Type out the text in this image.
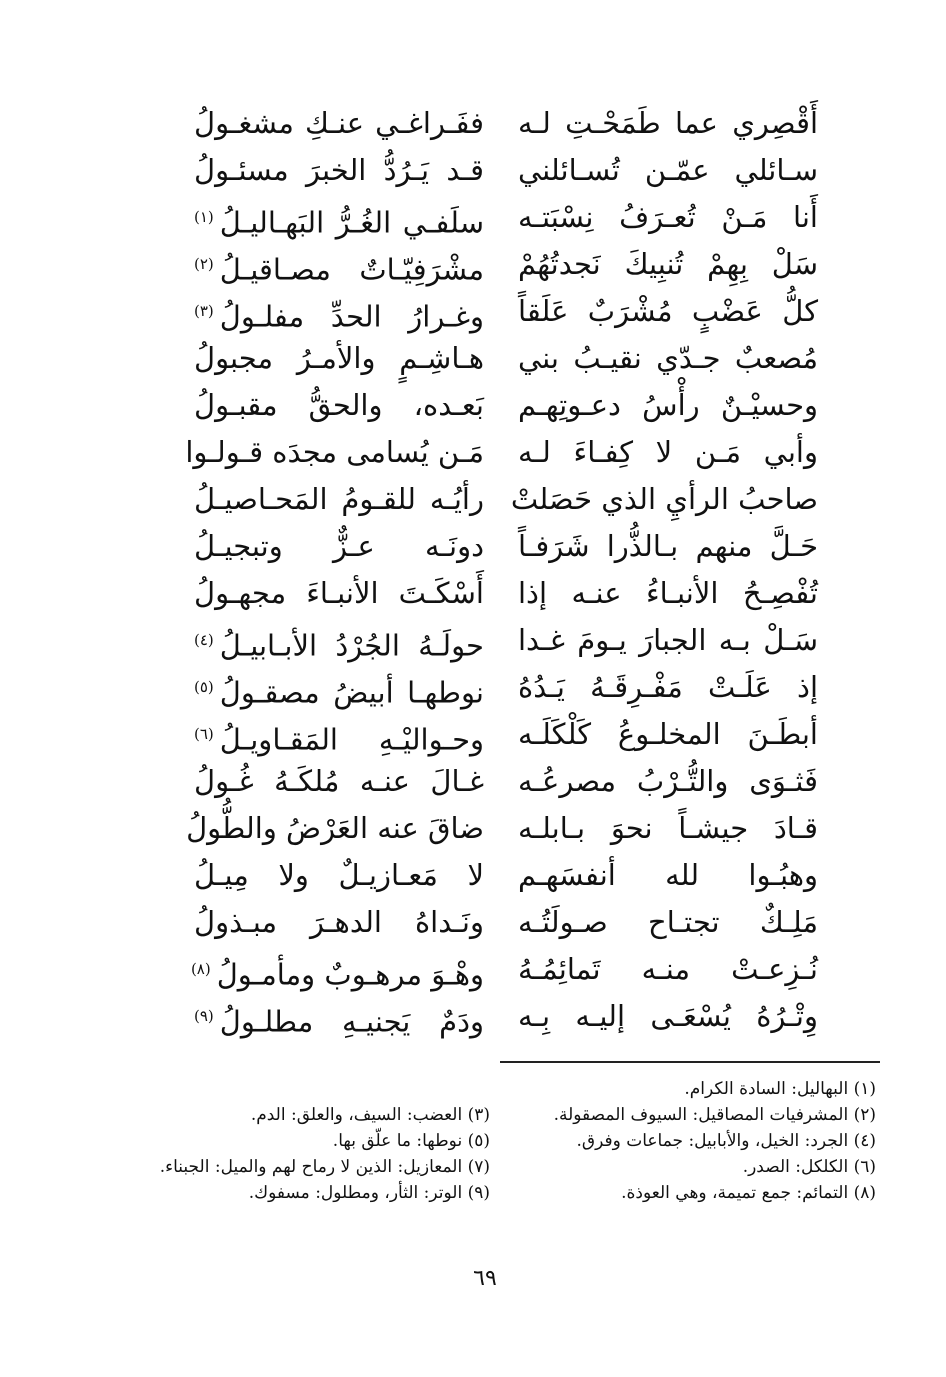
أَقْصِري عما طَمَحْـتِ لـه
سـائلي عمّـن تُسـائلني
أَنا مَـنْ تُعـرَفُ نِسْبَتـه
سَلْ بِهِمْ تُنبِيكَ نَجدتُهُمْ
كلُّ عَضْبٍ مُشْرَبٌ عَلَقاً
مُصعبٌ جـدّي نقيـبُ بني
وحسيْـنٌ رأْسُ دعـوتِهـم
وأبي مَـن لا كِفـاءَ لـه
صاحبُ الرأيِ الذي حَصَلتْ
حَـلَّ منهم بـالذُّرا شَرَفـاً
تُفْصِـحُ الأنبـاءُ عنـه إذا
سَـلْ بـه الجبارَ يـومَ غـدا
إذ عَلَـتْ مَفْـرِقَـهُ يَـدُهُ
أبطَـنَ المخلـوعُ كَلْكَلَـه
فَثـوَى والتُّـرْبُ مصرعُـه
قـادَ جيشـاً نحوَ بـابلـه
وهبُـوا لله أنفسَهـم
مَلِـكٌ تجتـاح صـولَتُـه
نُـزِعـتْ منـه تَمائِمُـهُ
وِتْـرُهُ يُسْعَـى إليـه بِـه
ففَـراغـي عنـكِ مشغـولُ
قـد يَـرُدُّ الخبرَ مسئـولُ
سلَفـي الغُـرُّ البَهـاليـلُ$^{(١)}$
مشْرَفِيّـاتٌ مصـاقيـلُ$^{(٢)}$
وغـرارُ الحدِّ مفلـولُ$^{(٣)}$
هـاشِـمٍ والأمـرُ مجبولُ
بَعـده، والحقُّ مقبـولُ
مَـن يُسامى مجدَه قـولـوا
رأيُـه للقـومُ المَحـاصيـلُ
دونَـه عـزٌّ وتبجيـلُ
أَسْكَـتَ الأنبـاءَ مجهـولُ
حولَـهُ الجُرْدُ الأبـابيـلُ$^{(٤)}$
نوطهـا أبيضُ مصقـولُ$^{(٥)}$
وحـواليْـهِ المَقـاويـلُ$^{(٦)}$
غـالَ عنـه مُلكَـهُ غُـولُ
ضاقَ عنه العَرْضُ والطُّولُ
لا مَعـازيـلٌ ولا مِيـلُ
ونَـداهُ الدهـرَ مبـذولُ
وهْـوَ مرهـوبٌ ومأمـولُ$^{(٨)}$
ودَمٌ يَجنيـهِ مطلـولُ$^{(٩)}$
(١) البهاليل: السادة الكرام.
(٢) المشرفيات المصاقيل: السيوف المصقولة.
(٤) الجرد: الخيل، والأبابيل: جماعات وفرق.
(٦) الكلكل: الصدر.
(٨) التمائم: جمع تميمة، وهي العوذة.
(٣) العضب: السيف، والعلق: الدم.
(٥) نوطها: ما علّق بها.
(٧) المعازيل: الذين لا رماح لهم والميل: الجبناء.
(٩) الوتر: الثأر، ومطلول: مسفوك.
٦٩
